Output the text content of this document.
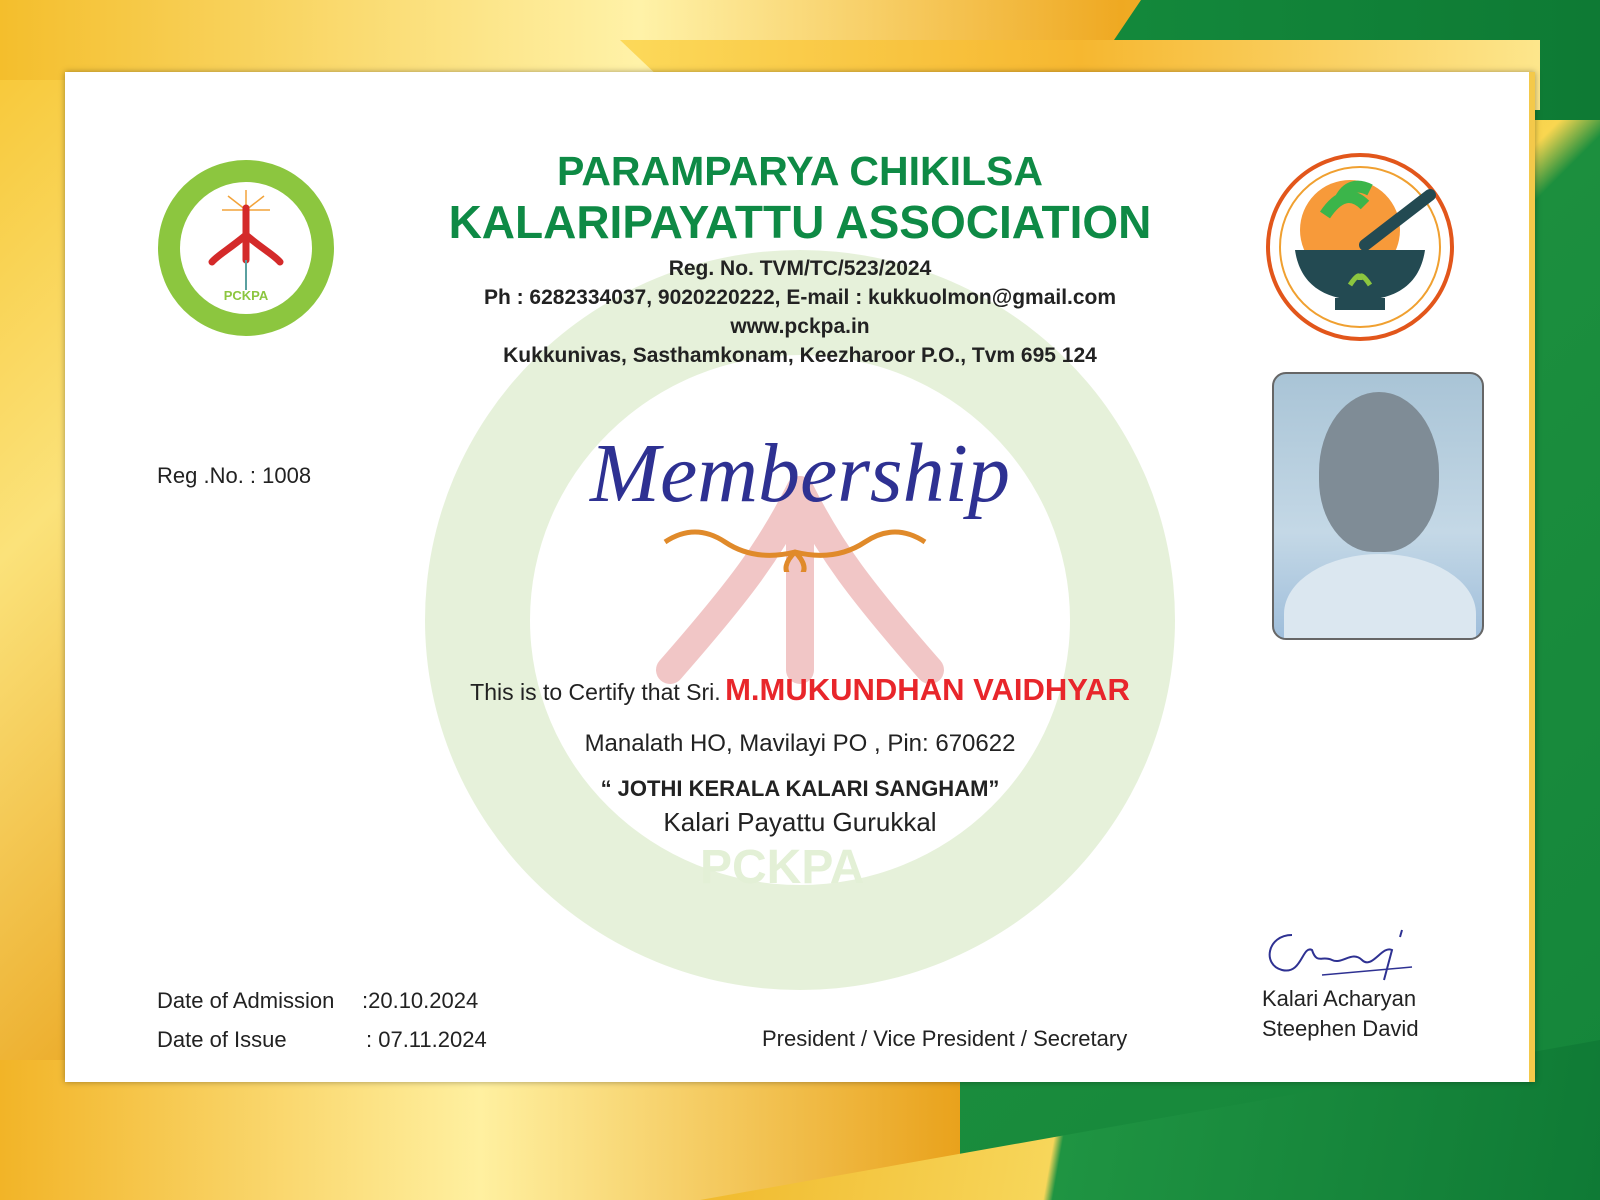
PCKPA
PCKPA
PARAMPARYA CHIKILSA
KALARIPAYATTU ASSOCIATION
Reg. No. TVM/TC/523/2024
Ph : 6282334037, 9020220222, E-mail : kukkuolmon@gmail.com
www.pckpa.in
Kukkunivas, Sasthamkonam, Keezharoor P.O., Tvm 695 124
Reg .No. : 1008	Membership
This is to Certify that Sri. M.MUKUNDHAN VAIDHYAR
Manalath HO, Mavilayi PO , Pin: 670622
“ JOTHI KERALA KALARI SANGHAM”
Kalari Payattu Gurukkal
Date of Admission :20.10.2024
Date of Issue	: 07.11.2024	President / Vice President / Secretary
Kalari Acharyan
Steephen David
